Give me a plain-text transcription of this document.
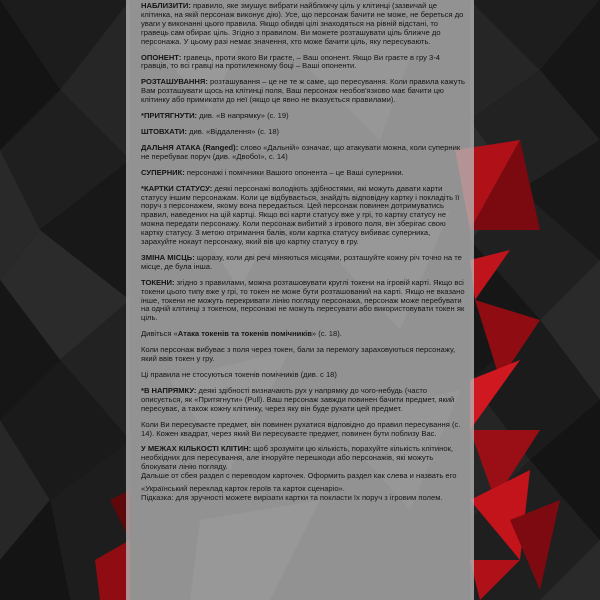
НАБЛИЗИТИ: правило, яке змушує вибрати найближчу ціль у клітинці (зазвичай це клітинка, на якій персонаж виконує дію). Усе, що персонаж бачити не може, не береться до уваги у виконанні цього правила. Якщо обидві цілі знаходяться на рівній відстані, то гравець сам обирає ціль. Згідно з правилом. Ви можете розташувати ціль ближче до персонажа. У цьому разі немає значення, хто може бачити ціль, яку пересувають.

ОПОНЕНТ: гравець, проти якого Ви граєте, – Ваш опонент. Якщо Ви граєте в гру 3-4 гравців, то всі гравці на протилежному боці – Ваші опоненти.

РОЗТАШУВАННЯ: розташування – це не те ж саме, що пересування. Коли правила кажуть Вам розташувати щось на клітинці поля, Ваш персонаж необов'язково має бачити цю клітинку або примикати до неї (якщо це явно не вказується правилами).

*ПРИТЯГНУТИ: див. «В напрямку» (с. 19)

ШТОВХАТИ: див. «Віддалення» (с. 18)

ДАЛЬНЯ АТАКА (Ranged): слово «Дальній» означає, що атакувати можна, коли суперник не перебуває поруч (див. «Двобої», с. 14)

СУПЕРНИК: персонажі і помічники Вашого опонента – це Ваші суперники.

*КАРТКИ СТАТУСУ: деякі персонажі володіють здібностями, які можуть давати карти статусу іншим персонажам. Коли це відбувається, знайдіть відповідну картку і покладіть її поруч з персонажем, якому вона передається. Цей персонаж повинен дотримуватись правил, наведених на цій картці. Якщо всі карти статусу вже у грі, то картку статусу не можна передати персонажу. Коли персонаж вибитий з ігрового поля, він зберігає свою картку статусу. З метою отримання балів, коли картка статусу вибиває суперника, зарахуйте нокаут персонажу, який вів цю картку статусу в гру.

ЗМІНА МІСЦЬ: щоразу, коли дві речі міняються місцями, розташуйте кожну річ точно на те місце, де була інша.

ТОКЕНИ: згідно з правилами, можна розташовувати круглі токени на ігровій карті. Якщо всі токени цього типу вже у грі, то токен не може бути розташований на карті. Якщо не вказано інше, токени не можуть перекривати лінію погляду персонажа, персонаж може перебувати на одній клітинці з токеном, персонажі не можуть пересувати або використовувати токен як ціль.

Дивіться «Атака токенів та токенів помічників» (с. 18).

Коли персонаж вибуває з поля через токен, бали за перемогу зараховуються персонажу, який ввів токен у гру.

Ці правила не стосуються токенів помічників (див. с 18)

*В НАПРЯМКУ: деякі здібності визначають рух у напрямку до чого-небудь (часто описується, як «Притягнути» (Pull). Ваш персонаж завжди повинен бачити предмет, який пересуває, а також кожну клітинку, через яку він буде рухати цей предмет.

Коли Ви пересуваєте предмет, він повинен рухатися відповідно до правил пересування (с. 14). Кожен квадрат, через який Ви пересуваєте предмет, повинен бути поблизу Вас.

У МЕЖАХ КІЛЬКОСТІ КЛІТИН: щоб зрозуміти цю кількість, порахуйте кількість клітинок, необхідних для пересування, але ігноруйте перешкоди або персонажів, які можуть блокувати лінію погляду.

Дальше от сбея раздел с переводом карточек. Оформить раздел как слева и назвать его

«Український переклад карток героїв та карток сценаріо».

Підказка: для зручності можете вирізати картки та покласти їх поруч з ігровим полем.
